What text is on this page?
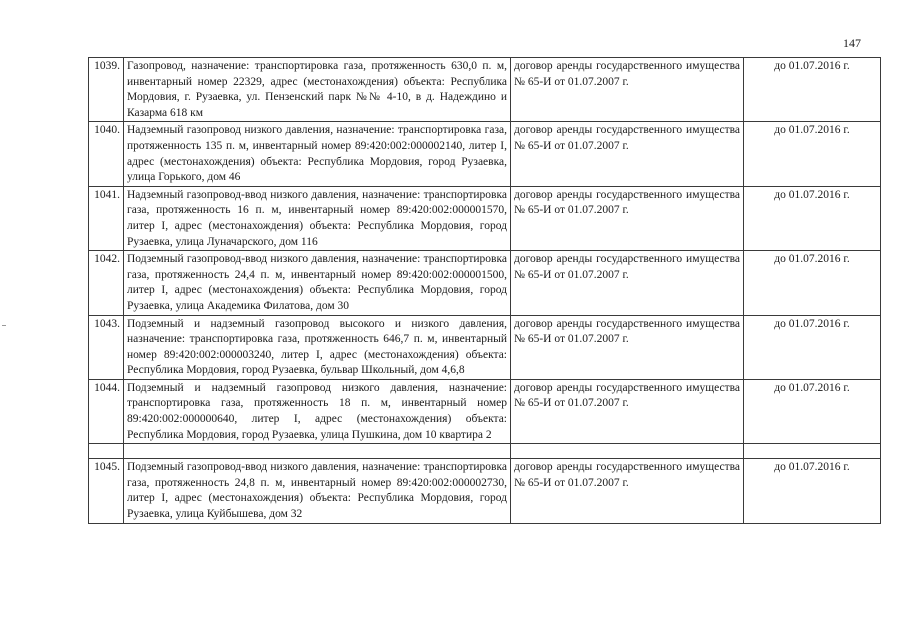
147
1039.	Газопровод, назначение: транспортировка газа, протяженность 630,0 п. м, инвентарный номер 22329, адрес (местонахождения) объекта: Республика Мордовия, г. Рузаевка, ул. Пензенский парк №№ 4-10, в д. Надеждино и Казарма 618 км	договор аренды государственного имущества № 65-И от 01.07.2007 г.	до 01.07.2016 г.
1040.	Надземный газопровод низкого давления, назначение: транспортировка газа, протяженность 135 п. м, инвентарный номер 89:420:002:000002140, литер I, адрес (местонахождения) объекта: Республика Мордовия, город Рузаевка, улица Горького, дом 46	договор аренды государственного имущества № 65-И от 01.07.2007 г.	до 01.07.2016 г.
1041.	Надземный газопровод-ввод низкого давления, назначение: транспортировка газа, протяженность 16 п. м, инвентарный номер 89:420:002:000001570, литер I, адрес (местонахождения) объекта: Республика Мордовия, город Рузаевка, улица Луначарского, дом 116	договор аренды государственного имущества № 65-И от 01.07.2007 г.	до 01.07.2016 г.
1042.	Подземный газопровод-ввод низкого давления, назначение: транспортировка газа, протяженность 24,4 п. м, инвентарный номер 89:420:002:000001500, литер I, адрес (местонахождения) объекта: Республика Мордовия, город Рузаевка, улица Академика Филатова, дом 30	договор аренды государственного имущества № 65-И от 01.07.2007 г.	до 01.07.2016 г.
1043.	Подземный и надземный газопровод высокого и низкого давления, назначение: транспортировка газа, протяженность 646,7 п. м, инвентарный номер 89:420:002:000003240, литер I, адрес (местонахождения) объекта: Республика Мордовия, город Рузаевка, бульвар Школьный, дом 4,6,8	договор аренды государственного имущества № 65-И от 01.07.2007 г.	до 01.07.2016 г.
1044.	Подземный и надземный газопровод низкого давления, назначение: транспортировка газа, протяженность 18 п. м, инвентарный номер 89:420:002:000000640, литер I, адрес (местонахождения) объекта: Республика Мордовия, город Рузаевка, улица Пушкина, дом 10 квартира 2	договор аренды государственного имущества № 65-И от 01.07.2007 г.	до 01.07.2016 г.

1045.	Подземный газопровод-ввод низкого давления, назначение: транспортировка газа, протяженность 24,8 п. м, инвентарный номер 89:420:002:000002730, литер I, адрес (местонахождения) объекта: Республика Мордовия, город Рузаевка, улица Куйбышева, дом 32	договор аренды государственного имущества № 65-И от 01.07.2007 г.	до 01.07.2016 г.
